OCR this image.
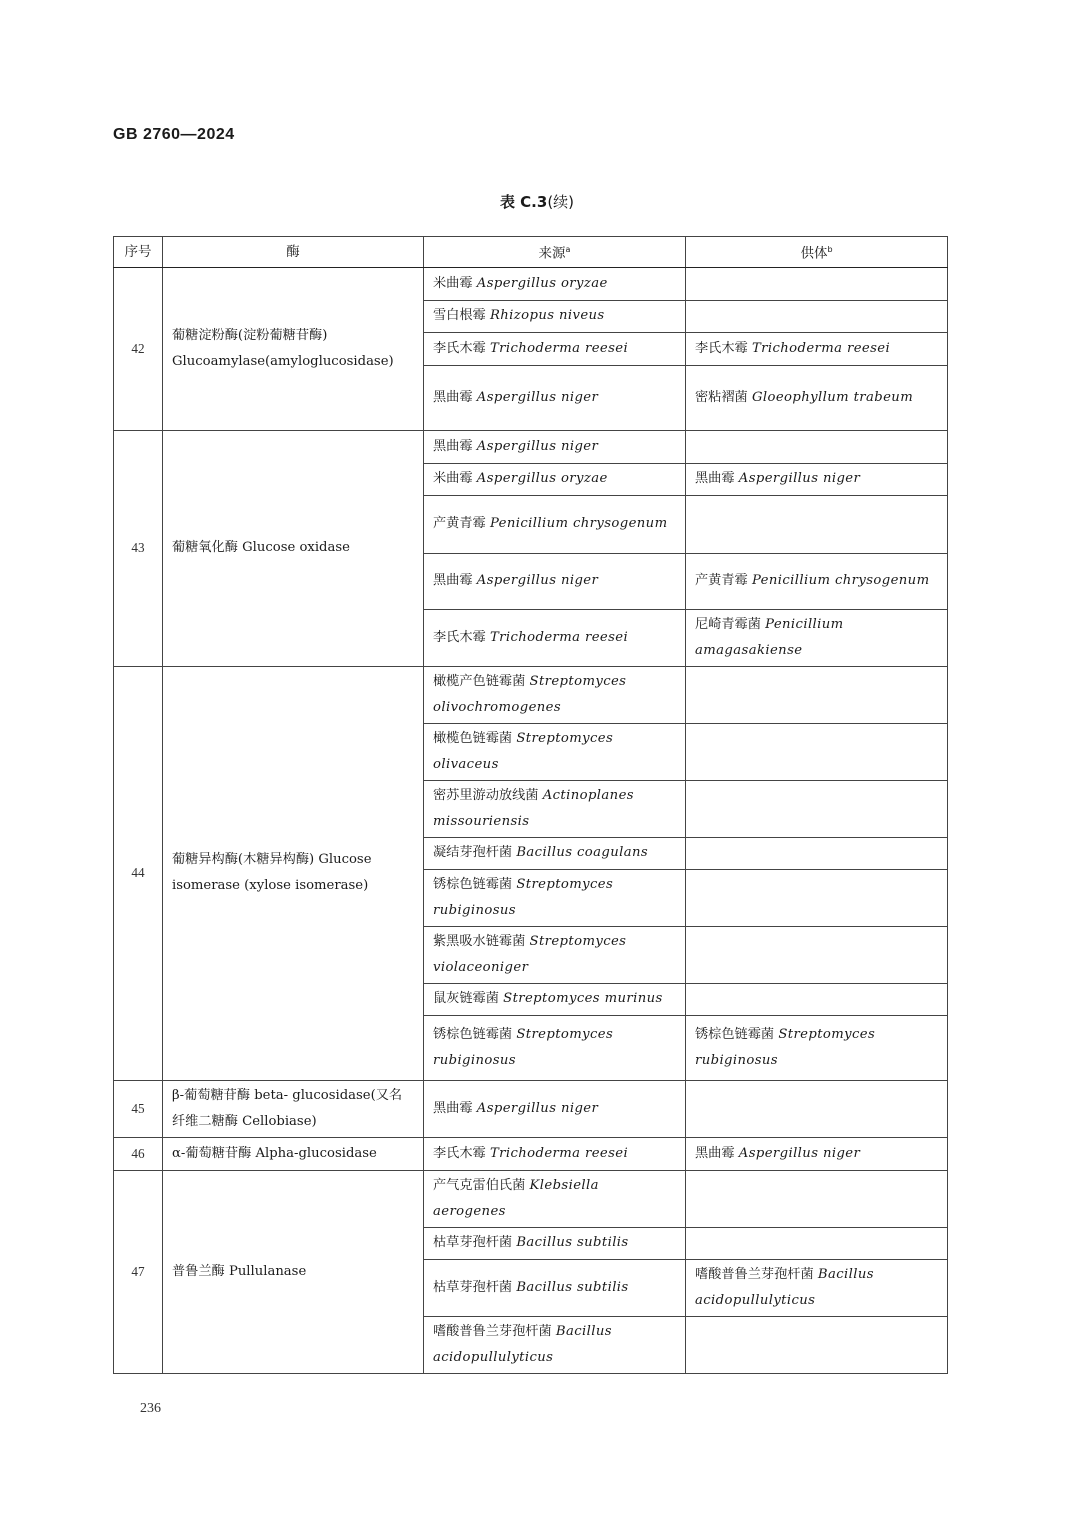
GB 2760—2024
表 C.3(续)
序号	酶	来源$^a$	供体$^b$
42	葡糖淀粉酶(淀粉葡糖苷酶) Glucoamylase(amyloglucosidase)	米曲霉 Aspergillus oryzae	
		雪白根霉 Rhizopus niveus	
		李氏木霉 Trichoderma reesei	李氏木霉 Trichoderma reesei
		黑曲霉 Aspergillus niger	密粘褶菌 Gloeophyllum trabeum
43	葡糖氧化酶 Glucose oxidase	黑曲霉 Aspergillus niger	
		米曲霉 Aspergillus oryzae	黑曲霉 Aspergillus niger
		产黄青霉 Penicillium chrysogenum	
		黑曲霉 Aspergillus niger	产黄青霉 Penicillium chrysogenum
		李氏木霉 Trichoderma reesei	尼崎青霉菌 Penicillium amagasakiense
44	葡糖异构酶(木糖异构酶) Glucose isomerase (xylose isomerase)	橄榄产色链霉菌 Streptomyces olivochromogenes	
		橄榄色链霉菌 Streptomyces olivaceus	
		密苏里游动放线菌 Actinoplanes missouriensis	
		凝结芽孢杆菌 Bacillus coagulans	
		锈棕色链霉菌 Streptomyces rubiginosus	
		紫黑吸水链霉菌 Streptomyces violaceoniger	
		鼠灰链霉菌 Streptomyces murinus	
		锈棕色链霉菌 Streptomyces rubiginosus	锈棕色链霉菌 Streptomyces rubiginosus
45	β-葡萄糖苷酶 beta- glucosidase(又名纤维二糖酶 Cellobiase)	黑曲霉 Aspergillus niger	
46	α-葡萄糖苷酶 Alpha-glucosidase	李氏木霉 Trichoderma reesei	黑曲霉 Aspergillus niger
47	普鲁兰酶 Pullulanase	产气克雷伯氏菌 Klebsiella aerogenes	
		枯草芽孢杆菌 Bacillus subtilis	
		枯草芽孢杆菌 Bacillus subtilis	嗜酸普鲁兰芽孢杆菌 Bacillus acidopullulyticus
		嗜酸普鲁兰芽孢杆菌 Bacillus acidopullulyticus	
236
